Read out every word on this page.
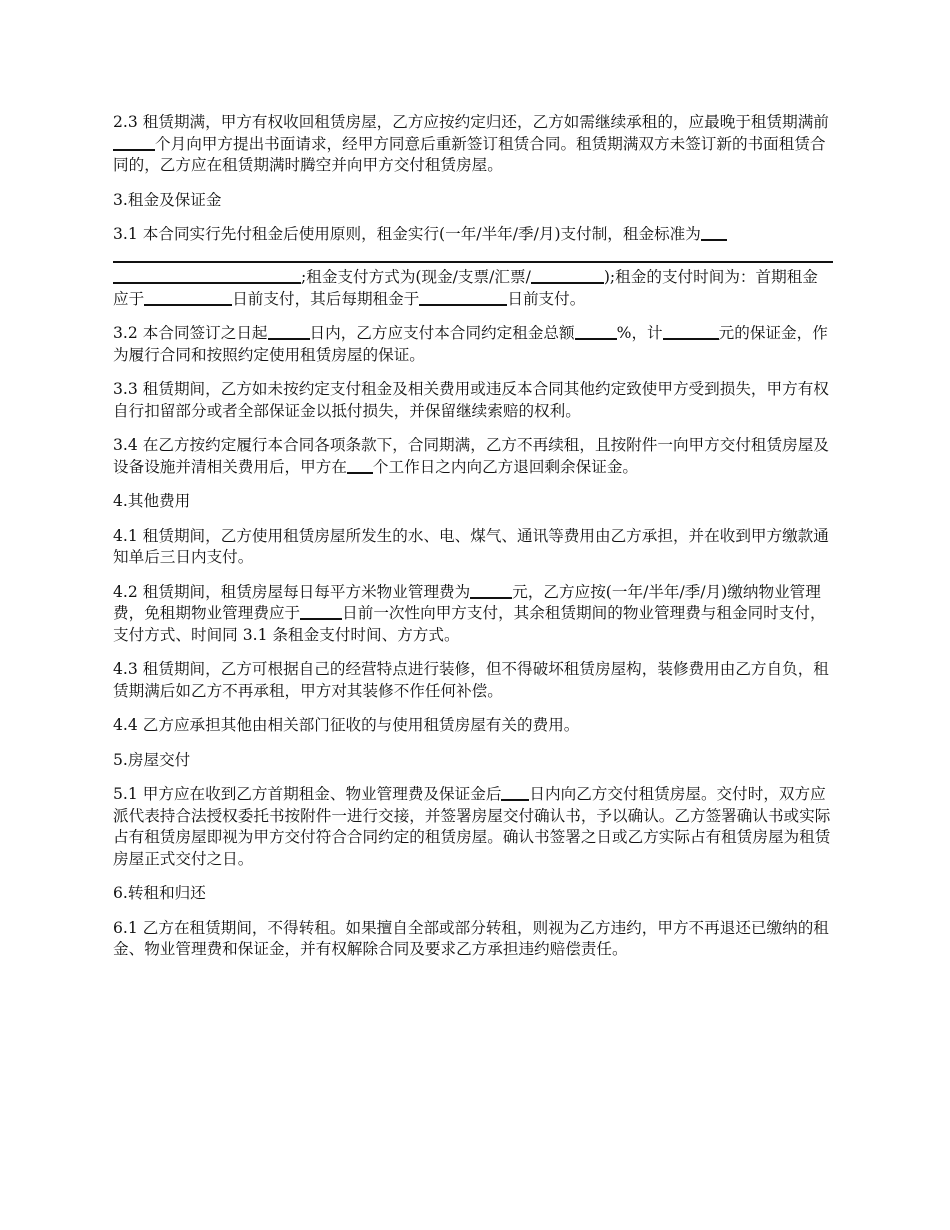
2.3 租赁期满，甲方有权收回租赁房屋，乙方应按约定归还，乙方如需继续承租的，应最晚于租赁期满前个月向甲方提出书面请求，经甲方同意后重新签订租赁合同。租赁期满双方未签订新的书面租赁合同的，乙方应在租赁期满时腾空并向甲方交付租赁房屋。

3.租金及保证金

3.1 本合同实行先付租金后使用原则，租金实行(一年/半年/季/月)支付制，租金标准为  ;租金支付方式为(现金/支票/汇票/	);租金的支付时间为：首期租金应于	日前支付，其后每期租金于	日前支付。

3.2 本合同签订之日起	日内，乙方应支付本合同约定租金总额	%，计	元的保证金，作为履行合同和按照约定使用租赁房屋的保证。

3.3 租赁期间，乙方如未按约定支付租金及相关费用或违反本合同其他约定致使甲方受到损失，甲方有权自行扣留部分或者全部保证金以抵付损失，并保留继续索赔的权利。

3.4 在乙方按约定履行本合同各项条款下，合同期满，乙方不再续租，且按附件一向甲方交付租赁房屋及设备设施并清相关费用后，甲方在 个工作日之内向乙方退回剩余保证金。

4.其他费用

4.1 租赁期间，乙方使用租赁房屋所发生的水、电、煤气、通讯等费用由乙方承担，并在收到甲方缴款通知单后三日内支付。

4.2 租赁期间，租赁房屋每日每平方米物业管理费为	元，乙方应按(一年/半年/季/月)缴纳物业管理费，免租期物业管理费应于	日前一次性向甲方支付，其余租赁期间的物业管理费与租金同时支付，支付方式、时间同 3.1 条租金支付时间、方方式。

4.3 租赁期间，乙方可根据自己的经营特点进行装修，但不得破坏租赁房屋构，装修费用由乙方自负，租赁期满后如乙方不再承租，甲方对其装修不作任何补偿。

4.4 乙方应承担其他由相关部门征收的与使用租赁房屋有关的费用。

5.房屋交付

5.1 甲方应在收到乙方首期租金、物业管理费及保证金后 日内向乙方交付租赁房屋。交付时，双方应派代表持合法授权委托书按附件一进行交接，并签署房屋交付确认书，予以确认。乙方签署确认书或实际占有租赁房屋即视为甲方交付符合合同约定的租赁房屋。确认书签署之日或乙方实际占有租赁房屋为租赁房屋正式交付之日。

6.转租和归还

6.1 乙方在租赁期间，不得转租。如果擅自全部或部分转租，则视为乙方违约，甲方不再退还已缴纳的租金、物业管理费和保证金，并有权解除合同及要求乙方承担违约赔偿责任。
